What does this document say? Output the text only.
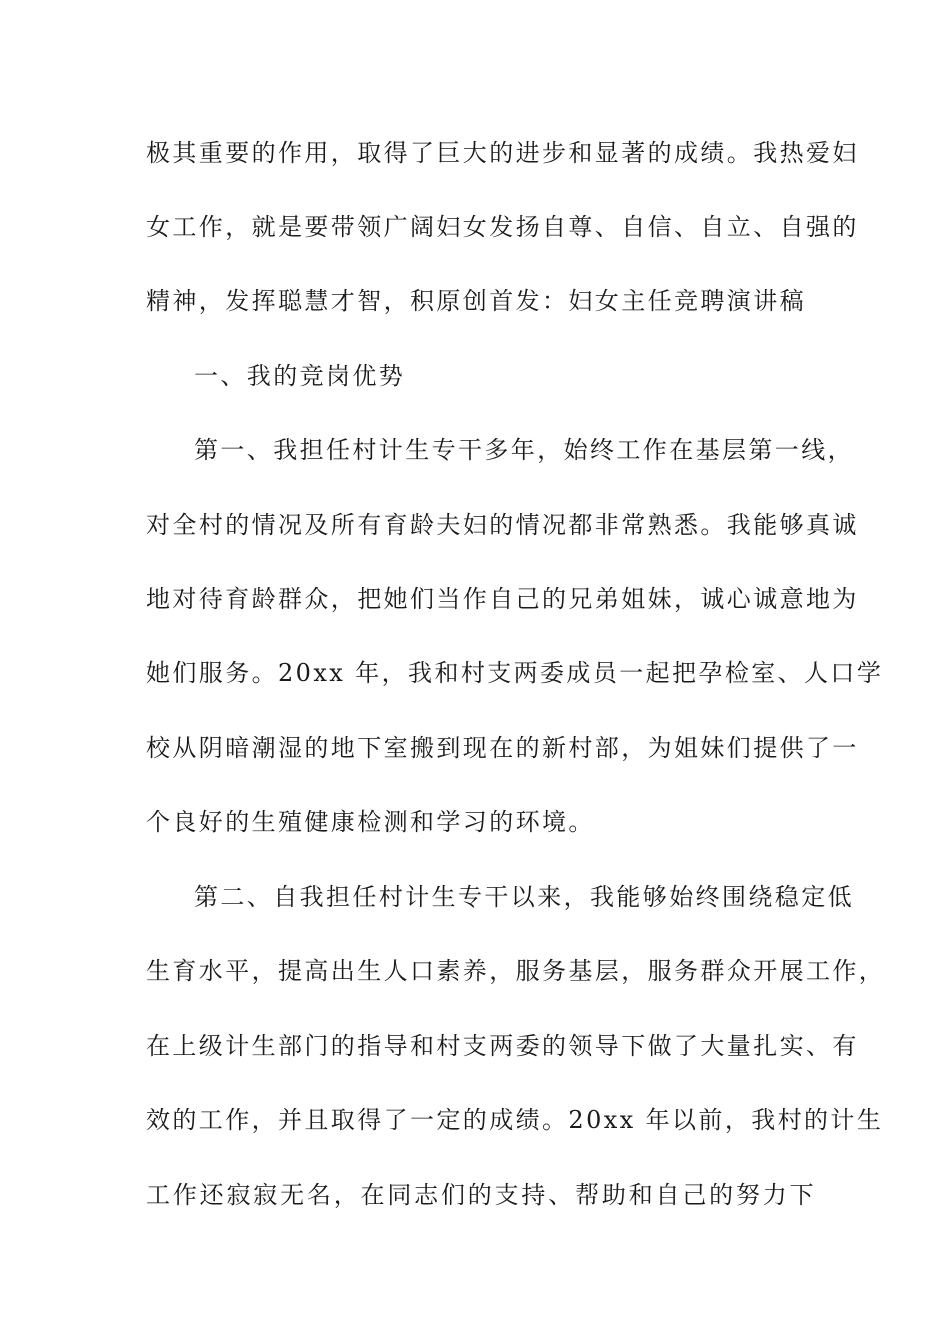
极其重要的作用，取得了巨大的进步和显著的成绩。我热爱妇
女工作，就是要带领广阔妇女发扬自尊、自信、自立、自强的
精神，发挥聪慧才智，积原创首发：妇女主任竞聘演讲稿
一、我的竞岗优势
第一、我担任村计生专干多年，始终工作在基层第一线，
对全村的情况及所有育龄夫妇的情况都非常熟悉。我能够真诚
地对待育龄群众，把她们当作自己的兄弟姐妹，诚心诚意地为
她们服务。20xx 年，我和村支两委成员一起把孕检室、人口学
校从阴暗潮湿的地下室搬到现在的新村部，为姐妹们提供了一
个良好的生殖健康检测和学习的环境。
第二、自我担任村计生专干以来，我能够始终围绕稳定低
生育水平，提高出生人口素养，服务基层，服务群众开展工作，
在上级计生部门的指导和村支两委的领导下做了大量扎实、有
效的工作，并且取得了一定的成绩。20xx 年以前，我村的计生
工作还寂寂无名，在同志们的支持、帮助和自己的努力下
